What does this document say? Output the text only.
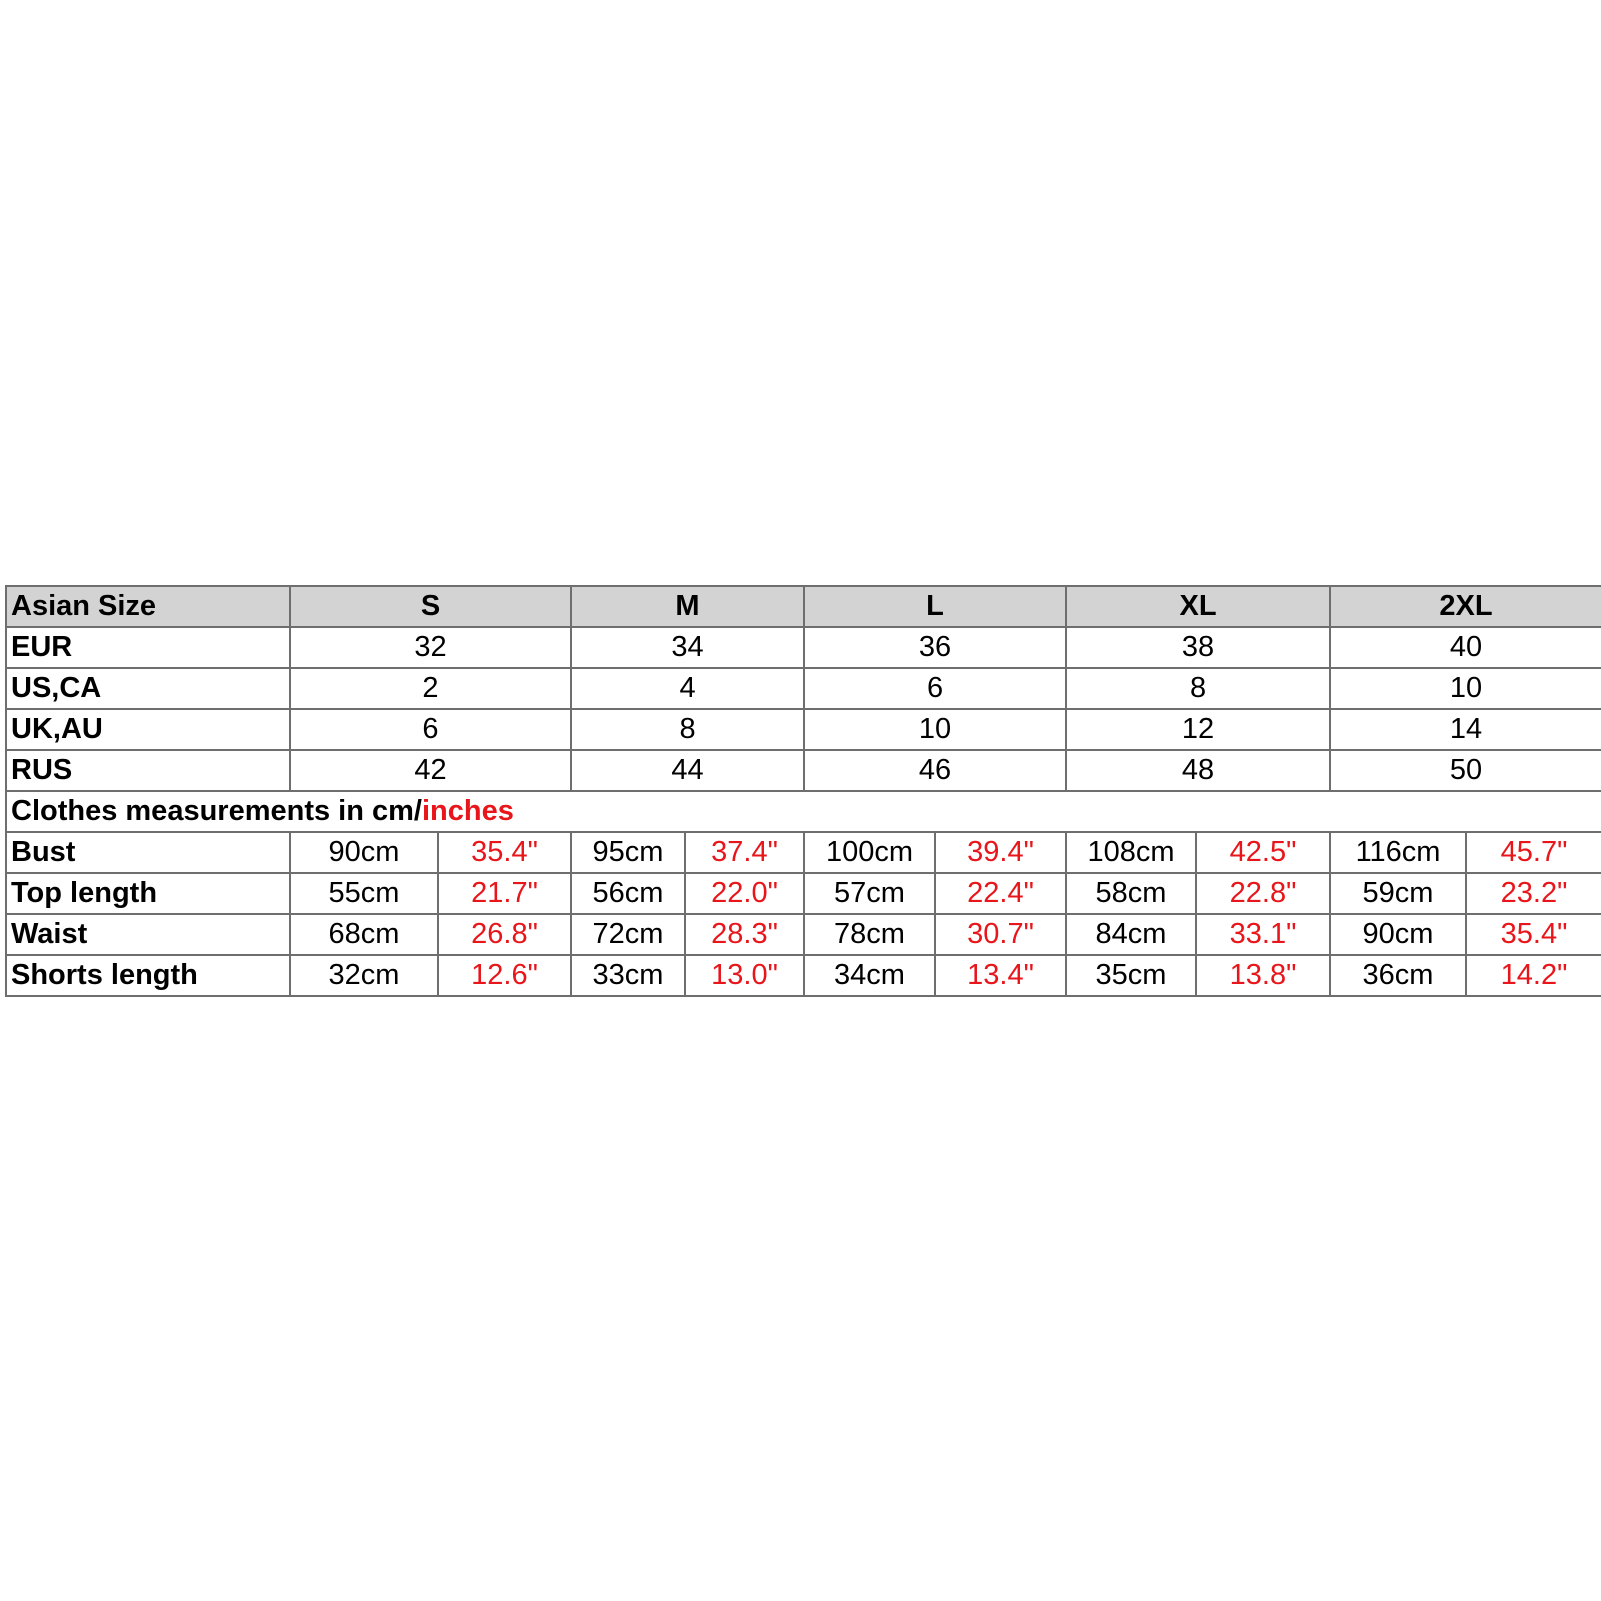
Asian Size	S		M		L		XL		2XL	
EUR	32		34		36		38		40	
US,CA	2		4		6		8		10	
UK,AU	6		8		10		12		14	
RUS	42		44		46		48		50	
Clothes measurements in cm/inches										
Bust	90cm	35.4"	95cm	37.4"	100cm	39.4"	108cm	42.5"	116cm	45.7"
Top length	55cm	21.7"	56cm	22.0"	57cm	22.4"	58cm	22.8"	59cm	23.2"
Waist	68cm	26.8"	72cm	28.3"	78cm	30.7"	84cm	33.1"	90cm	35.4"
Shorts length	32cm	12.6"	33cm	13.0"	34cm	13.4"	35cm	13.8"	36cm	14.2"
